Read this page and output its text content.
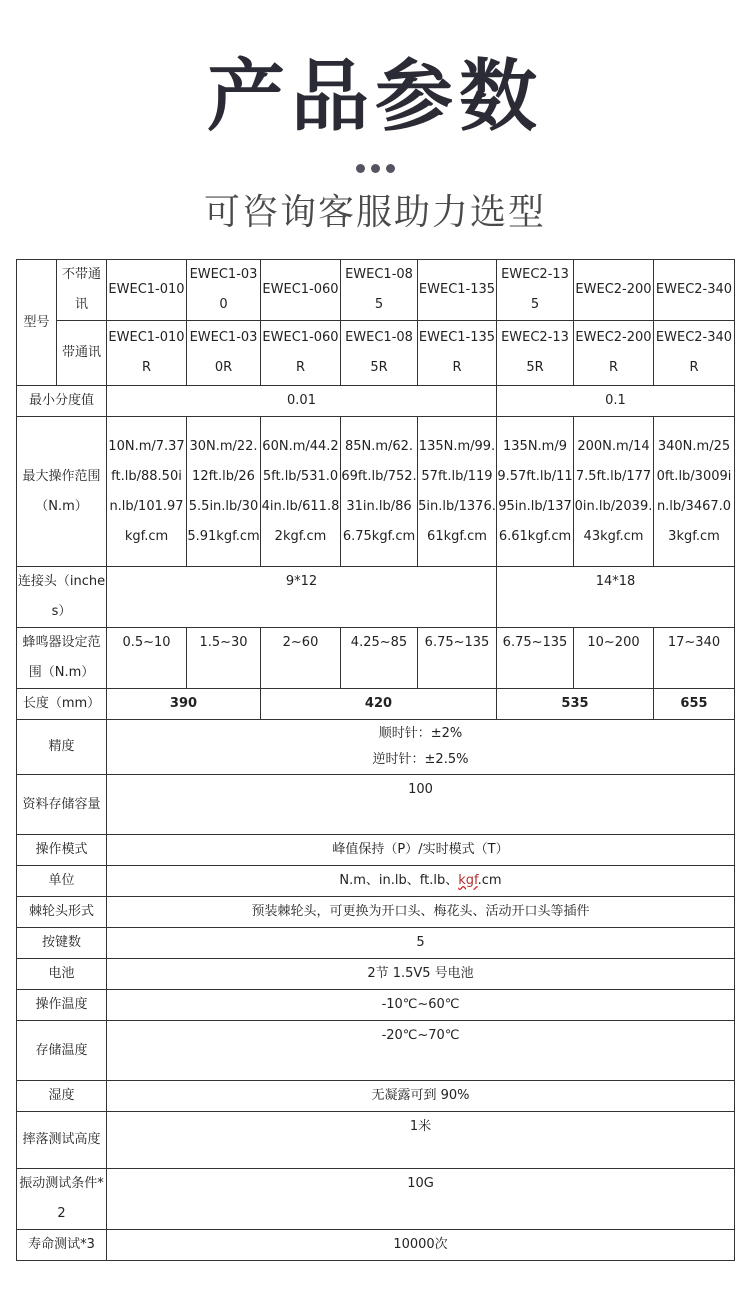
产品参数
可咨询客服助力选型
型号	不带通讯	EWEC1-010	EWEC1-030	EWEC1-060	EWEC1-085	EWEC1-135	EWEC2-135	EWEC2-200	EWEC2-340
	带通讯	EWEC1-010R	EWEC1-030R	EWEC1-060R	EWEC1-085R	EWEC1-135R	EWEC2-135R	EWEC2-200R	EWEC2-340R
最小分度值		0.01					0.1		
最大操作范围（N.m）		10N.m/7.37ft.lb/88.50in.lb/101.97kgf.cm	30N.m/22.12ft.lb/265.5in.lb/305.91kgf.cm	60N.m/44.25ft.lb/531.04in.lb/611.82kgf.cm	85N.m/62.69ft.lb/752.31in.lb/866.75kgf.cm	135N.m/99.57ft.lb/1195in.lb/1376.61kgf.cm	135N.m/99.57ft.lb/1195in.lb/1376.61kgf.cm	200N.m/147.5ft.lb/1770in.lb/2039.43kgf.cm	340N.m/250ft.lb/3009in.lb/3467.03kgf.cm
连接头（inches）		9*12					14*18		
蜂鸣器设定范围（N.m）		0.5~10	1.5~30	2~60	4.25~85	6.75~135	6.75~135	10~200	17~340
长度（mm）		390		420			535		655
精度		顺时针：±2%
逆时针：±2.5%							

资料存储容量		100							
操作模式		峰值保持（P）/实时模式（T）							
单位		N.m、in.lb、ft.lb、kgf.cm							
棘轮头形式		预装棘轮头，可更换为开口头、梅花头、活动开口头等插件							
按键数		5							
电池		2节 1.5V5 号电池							
操作温度		-10℃~60℃							
存储温度		-20℃~70℃							
湿度		无凝露可到 90%							
摔落测试高度		1米							
振动测试条件*2		10G							
寿命测试*3		10000次							
